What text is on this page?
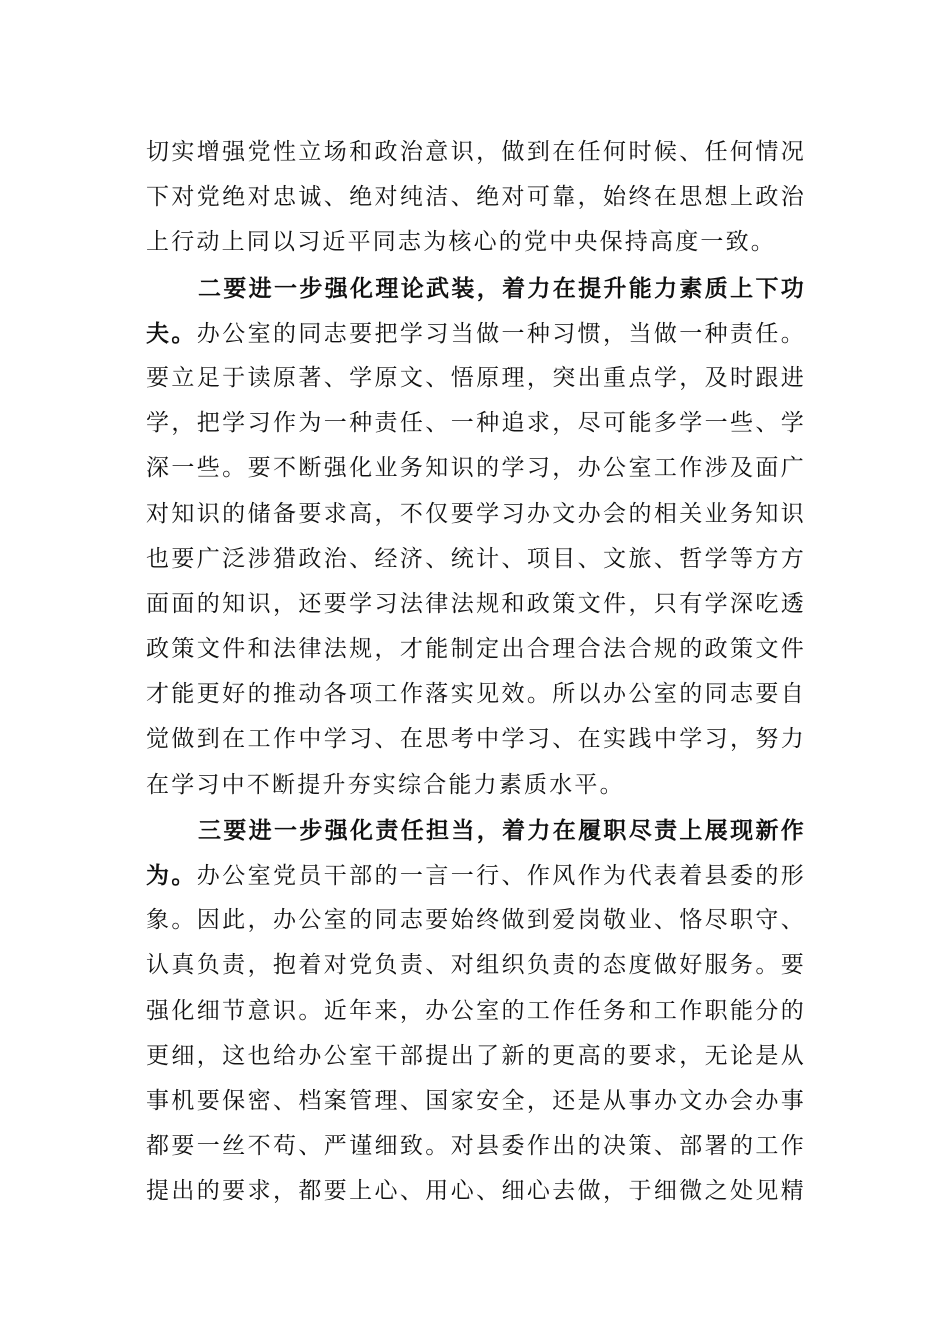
切实增强党性立场和政治意识，做到在任何时候、任何情况
下对党绝对忠诚、绝对纯洁、绝对可靠，始终在思想上政治
上行动上同以习近平同志为核心的党中央保持高度一致。
二要进一步强化理论武装，着力在提升能力素质上下功
夫。办公室的同志要把学习当做一种习惯，当做一种责任。
要立足于读原著、学原文、悟原理，突出重点学，及时跟进
学，把学习作为一种责任、一种追求，尽可能多学一些、学
深一些。要不断强化业务知识的学习，办公室工作涉及面广
对知识的储备要求高，不仅要学习办文办会的相关业务知识
也要广泛涉猎政治、经济、统计、项目、文旅、哲学等方方
面面的知识，还要学习法律法规和政策文件，只有学深吃透
政策文件和法律法规，才能制定出合理合法合规的政策文件
才能更好的推动各项工作落实见效。所以办公室的同志要自
觉做到在工作中学习、在思考中学习、在实践中学习，努力
在学习中不断提升夯实综合能力素质水平。
三要进一步强化责任担当，着力在履职尽责上展现新作
为。办公室党员干部的一言一行、作风作为代表着县委的形
象。因此，办公室的同志要始终做到爱岗敬业、恪尽职守、
认真负责，抱着对党负责、对组织负责的态度做好服务。要
强化细节意识。近年来，办公室的工作任务和工作职能分的
更细，这也给办公室干部提出了新的更高的要求，无论是从
事机要保密、档案管理、国家安全，还是从事办文办会办事
都要一丝不苟、严谨细致。对县委作出的决策、部署的工作
提出的要求，都要上心、用心、细心去做，于细微之处见精
